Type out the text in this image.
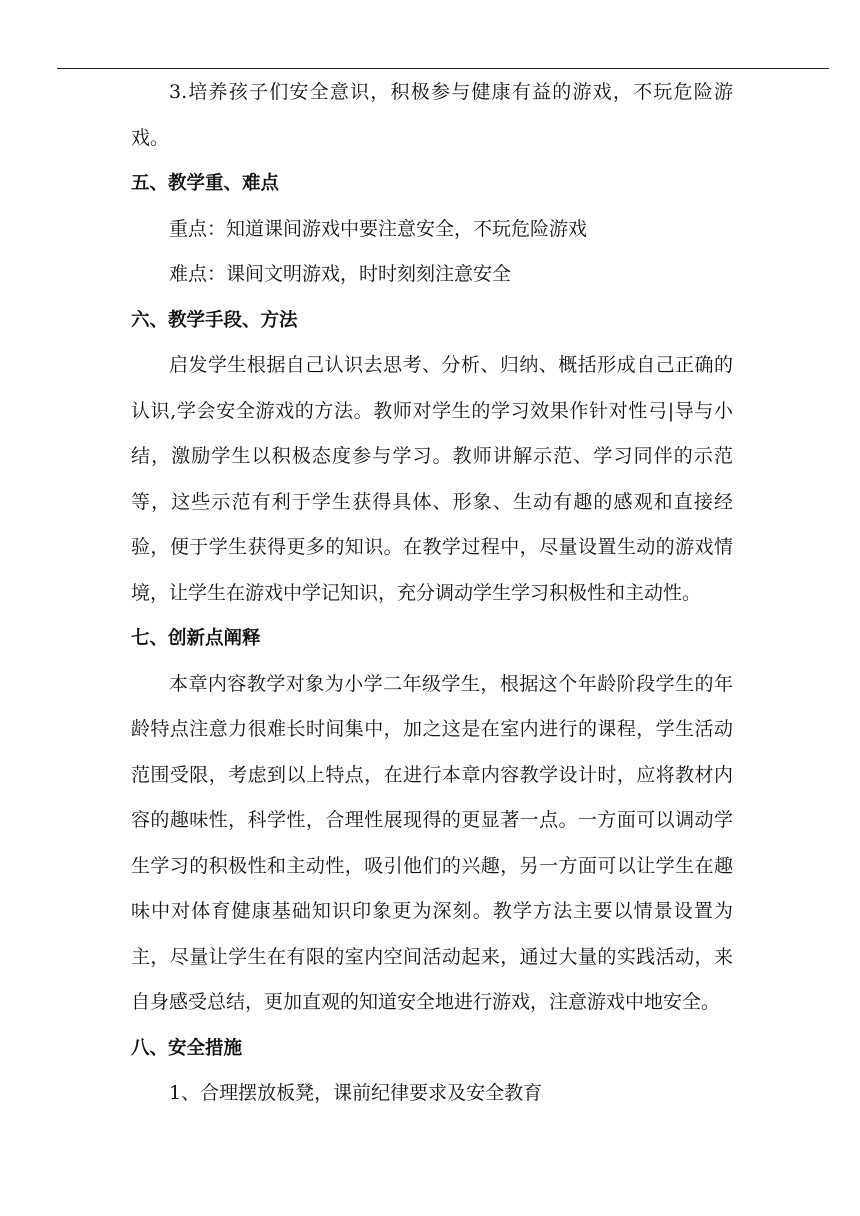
3.培养孩子们安全意识，积极参与健康有益的游戏，不玩危险游戏。

五、教学重、难点

重点：知道课间游戏中要注意安全，不玩危险游戏

难点：课间文明游戏，时时刻刻注意安全

六、教学手段、方法

启发学生根据自己认识去思考、分析、归纳、概括形成自己正确的认识,学会安全游戏的方法。教师对学生的学习效果作针对性弓|导与小结，激励学生以积极态度参与学习。教师讲解示范、学习同伴的示范等，这些示范有利于学生获得具体、形象、生动有趣的感观和直接经验，便于学生获得更多的知识。在教学过程中，尽量设置生动的游戏情境，让学生在游戏中学记知识，充分调动学生学习积极性和主动性。

七、创新点阐释

本章内容教学对象为小学二年级学生，根据这个年龄阶段学生的年龄特点注意力很难长时间集中，加之这是在室内进行的课程，学生活动范围受限，考虑到以上特点，在进行本章内容教学设计时，应将教材内容的趣味性，科学性，合理性展现得的更显著一点。一方面可以调动学生学习的积极性和主动性，吸引他们的兴趣，另一方面可以让学生在趣味中对体育健康基础知识印象更为深刻。教学方法主要以情景设置为主，尽量让学生在有限的室内空间活动起来，通过大量的实践活动，来自身感受总结，更加直观的知道安全地进行游戏，注意游戏中地安全。

八、安全措施

1、合理摆放板凳，课前纪律要求及安全教育
